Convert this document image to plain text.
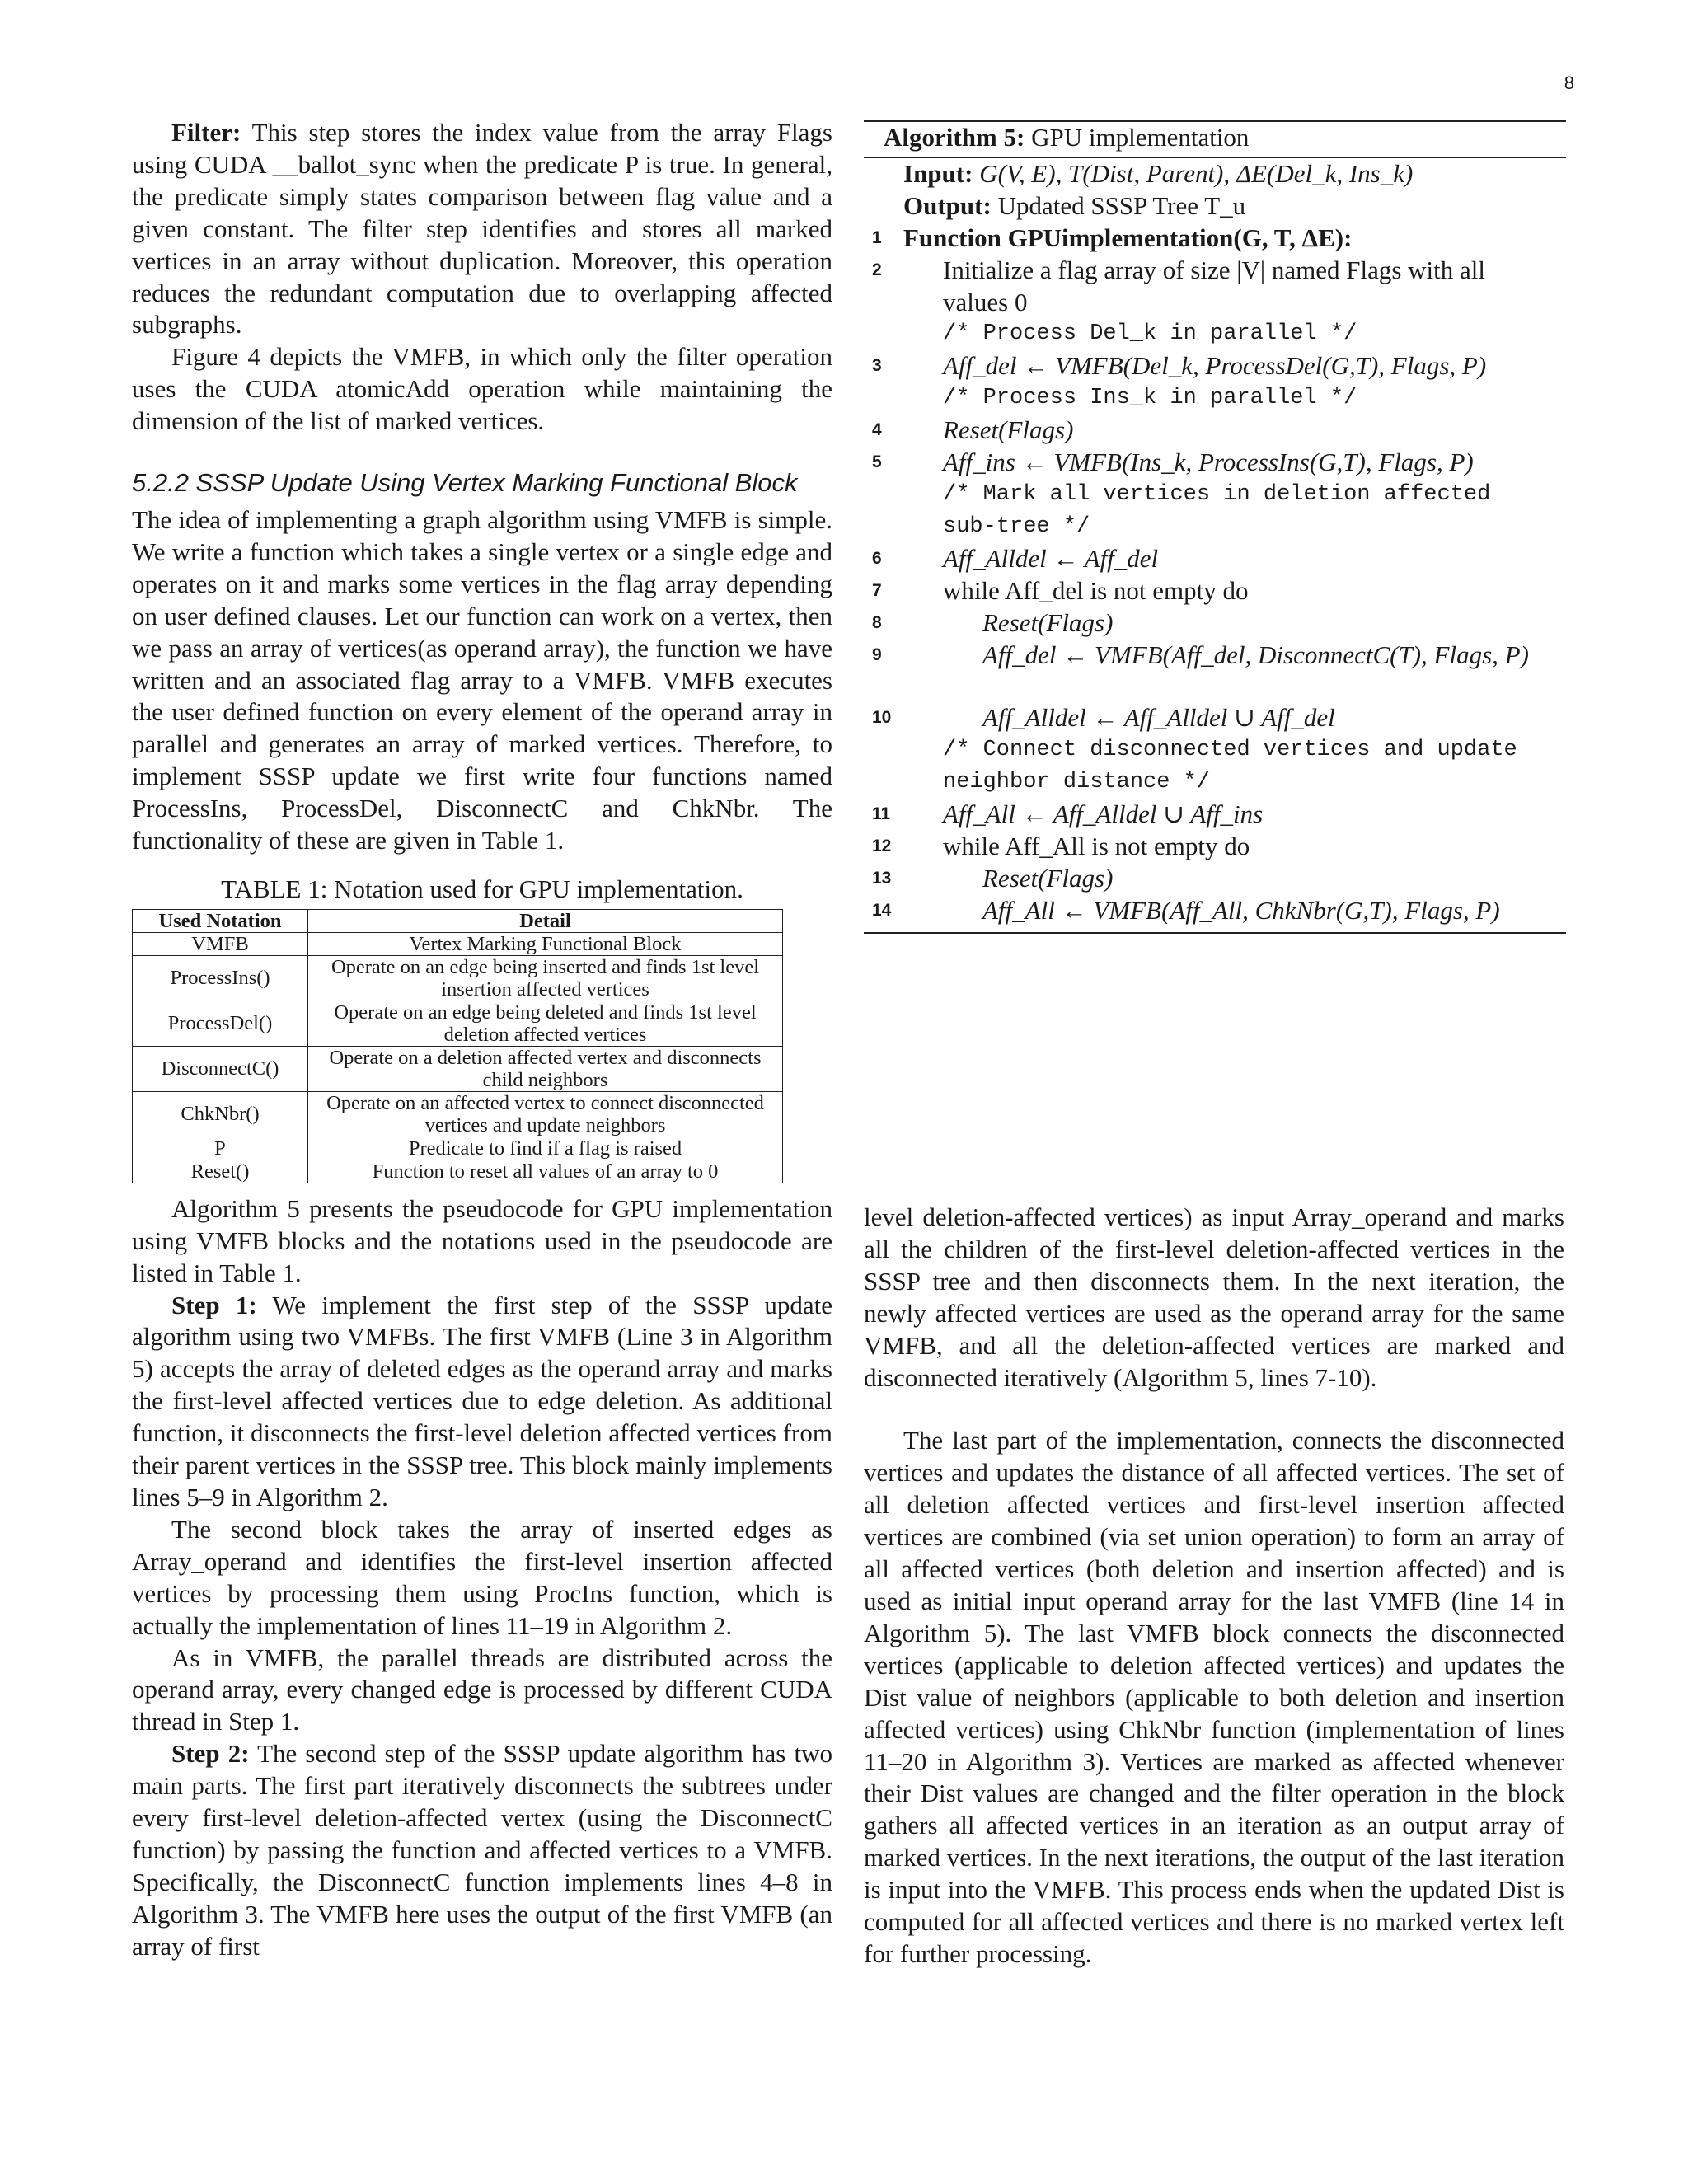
8

Filter: This step stores the index value from the array Flags using CUDA __ballot_sync when the predicate P is true. In general, the predicate simply states comparison between flag value and a given constant. The filter step identifies and stores all marked vertices in an array without duplication. Moreover, this operation reduces the redundant computation due to overlapping affected subgraphs.

Figure 4 depicts the VMFB, in which only the filter operation uses the CUDA atomicAdd operation while maintaining the dimension of the list of marked vertices.

5.2.2 SSSP Update Using Vertex Marking Functional Block

The idea of implementing a graph algorithm using VMFB is simple. We write a function which takes a single vertex or a single edge and operates on it and marks some vertices in the flag array depending on user defined clauses. Let our function can work on a vertex, then we pass an array of vertices(as operand array), the function we have written and an associated flag array to a VMFB. VMFB executes the user defined function on every element of the operand array in parallel and generates an array of marked vertices. Therefore, to implement SSSP update we first write four functions named ProcessIns, ProcessDel, DisconnectC and ChkNbr. The functionality of these are given in Table 1.

TABLE 1: Notation used for GPU implementation.
Used Notation	Detail
VMFB	Vertex Marking Functional Block
ProcessIns()	Operate on an edge being inserted and finds 1st level insertion affected vertices
ProcessDel()	Operate on an edge being deleted and finds 1st level deletion affected vertices
DisconnectC()	Operate on a deletion affected vertex and disconnects child neighbors
ChkNbr()	Operate on an affected vertex to connect disconnected vertices and update neighbors
P	Predicate to find if a flag is raised
Reset()	Function to reset all values of an array to 0

Algorithm 5 presents the pseudocode for GPU implementation using VMFB blocks and the notations used in the pseudocode are listed in Table 1.

Step 1: We implement the first step of the SSSP update algorithm using two VMFBs. The first VMFB (Line 3 in Algorithm 5) accepts the array of deleted edges as the operand array and marks the first-level affected vertices due to edge deletion. As additional function, it disconnects the first-level deletion affected vertices from their parent vertices in the SSSP tree. This block mainly implements lines 5–9 in Algorithm 2.

The second block takes the array of inserted edges as Array_operand and identifies the first-level insertion affected vertices by processing them using ProcIns function, which is actually the implementation of lines 11–19 in Algorithm 2.

As in VMFB, the parallel threads are distributed across the operand array, every changed edge is processed by different CUDA thread in Step 1.

Step 2: The second step of the SSSP update algorithm has two main parts. The first part iteratively disconnects the subtrees under every first-level deletion-affected vertex (using the DisconnectC function) by passing the function and affected vertices to a VMFB. Specifically, the DisconnectC function implements lines 4–8 in Algorithm 3. The VMFB here uses the output of the first VMFB (an array of first

Algorithm 5: GPU implementation
Input: G(V, E), T(Dist, Parent), ΔE(Del_k, Ins_k)
Output: Updated SSSP Tree T_u
1 Function GPUimplementation(G, T, ΔE):
2	Initialize a flag array of size |V| named Flags with all values 0
/* Process Del_k in parallel */
3	Aff_del ← VMFB(Del_k, ProcessDel(G,T), Flags, P)
/* Process Ins_k in parallel */
4	Reset(Flags)
5	Aff_ins ← VMFB(Ins_k, ProcessIns(G,T), Flags, P)
/* Mark all vertices in deletion affected sub-tree */
6	Aff_Alldel ← Aff_del
7	while Aff_del is not empty do
8	Reset(Flags)
9	Aff_del ← VMFB(Aff_del, DisconnectC(T), Flags, P)
10	Aff_Alldel ← Aff_Alldel ∪ Aff_del
/* Connect disconnected vertices and update neighbor distance */
11 Aff_All ← Aff_Alldel ∪ Aff_ins
12 while Aff_All is not empty do
13	Reset(Flags)
14	Aff_All ← VMFB(Aff_All, ChkNbr(G,T), Flags, P)

level deletion-affected vertices) as input Array_operand and marks all the children of the first-level deletion-affected vertices in the SSSP tree and then disconnects them. In the next iteration, the newly affected vertices are used as the operand array for the same VMFB, and all the deletion-affected vertices are marked and disconnected iteratively (Algorithm 5, lines 7-10).

The last part of the implementation, connects the disconnected vertices and updates the distance of all affected vertices. The set of all deletion affected vertices and first-level insertion affected vertices are combined (via set union operation) to form an array of all affected vertices (both deletion and insertion affected) and is used as initial input operand array for the last VMFB (line 14 in Algorithm 5). The last VMFB block connects the disconnected vertices (applicable to deletion affected vertices) and updates the Dist value of neighbors (applicable to both deletion and insertion affected vertices) using ChkNbr function (implementation of lines 11–20 in Algorithm 3). Vertices are marked as affected whenever their Dist values are changed and the filter operation in the block gathers all affected vertices in an iteration as an output array of marked vertices. In the next iterations, the output of the last iteration is input into the VMFB. This process ends when the updated Dist is computed for all affected vertices and there is no marked vertex left for further processing.
